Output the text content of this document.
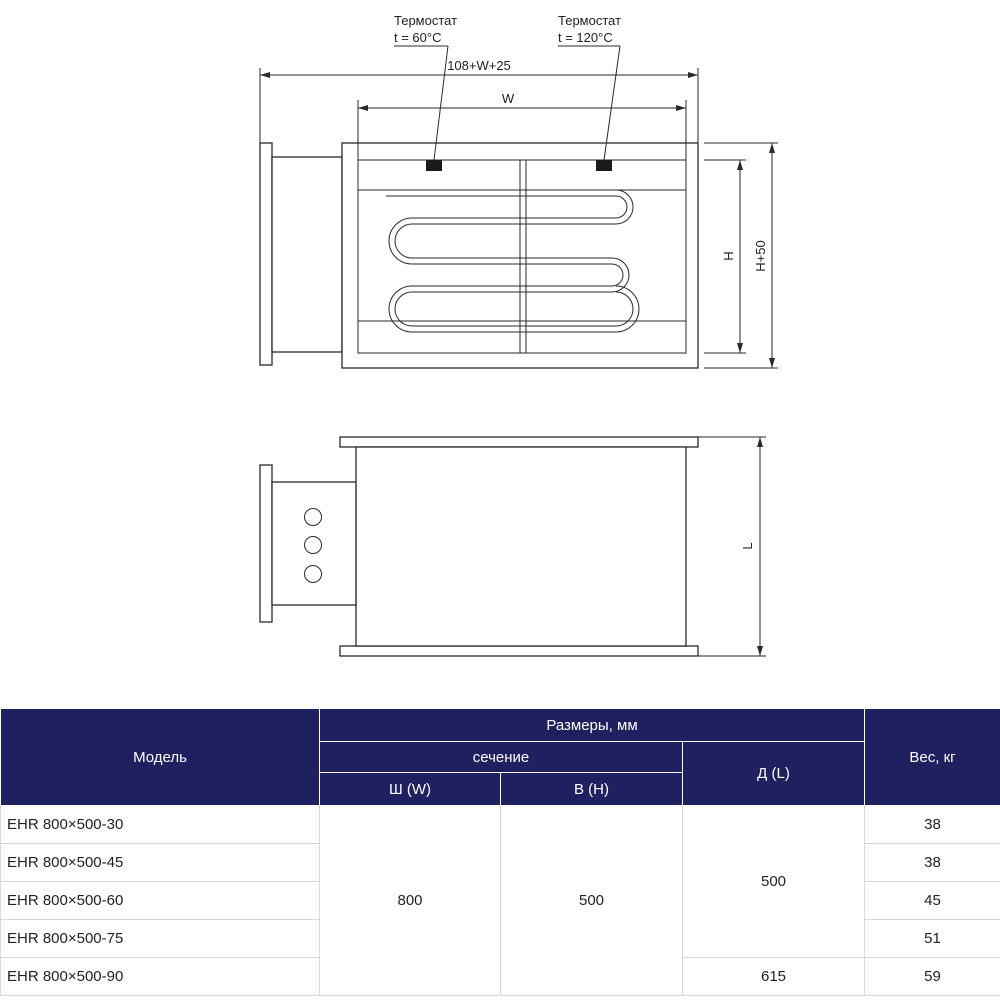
Термостат
t = 60°C
Термостат
t = 120°C
108+W+25
W
H H+50
L
Модель	Размеры, мм			Вес, кг
	сечение		Д (L)	
	Ш (W)	В (H)		
EHR 800×500-30	800	500	500	38
EHR 800×500-45				38
EHR 800×500-60				45
EHR 800×500-75				51
EHR 800×500-90			615	59
